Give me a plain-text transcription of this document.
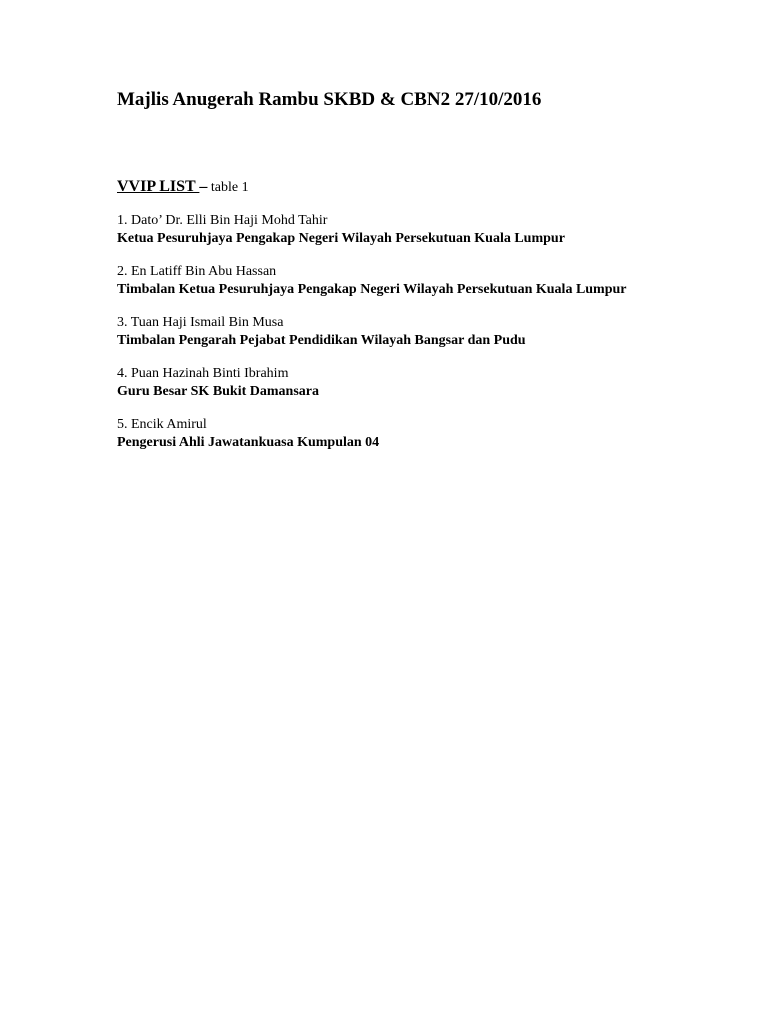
Majlis Anugerah Rambu SKBD & CBN2 27/10/2016

VVIP LIST – table 1

1. Dato’ Dr. Elli Bin Haji Mohd Tahir
Ketua Pesuruhjaya Pengakap Negeri Wilayah Persekutuan Kuala Lumpur
2. En Latiff Bin Abu Hassan
Timbalan Ketua Pesuruhjaya Pengakap Negeri Wilayah Persekutuan Kuala Lumpur
3. Tuan Haji Ismail Bin Musa
Timbalan Pengarah Pejabat Pendidikan Wilayah Bangsar dan Pudu
4. Puan Hazinah Binti Ibrahim
Guru Besar SK Bukit Damansara
5. Encik Amirul
Pengerusi Ahli Jawatankuasa Kumpulan 04
